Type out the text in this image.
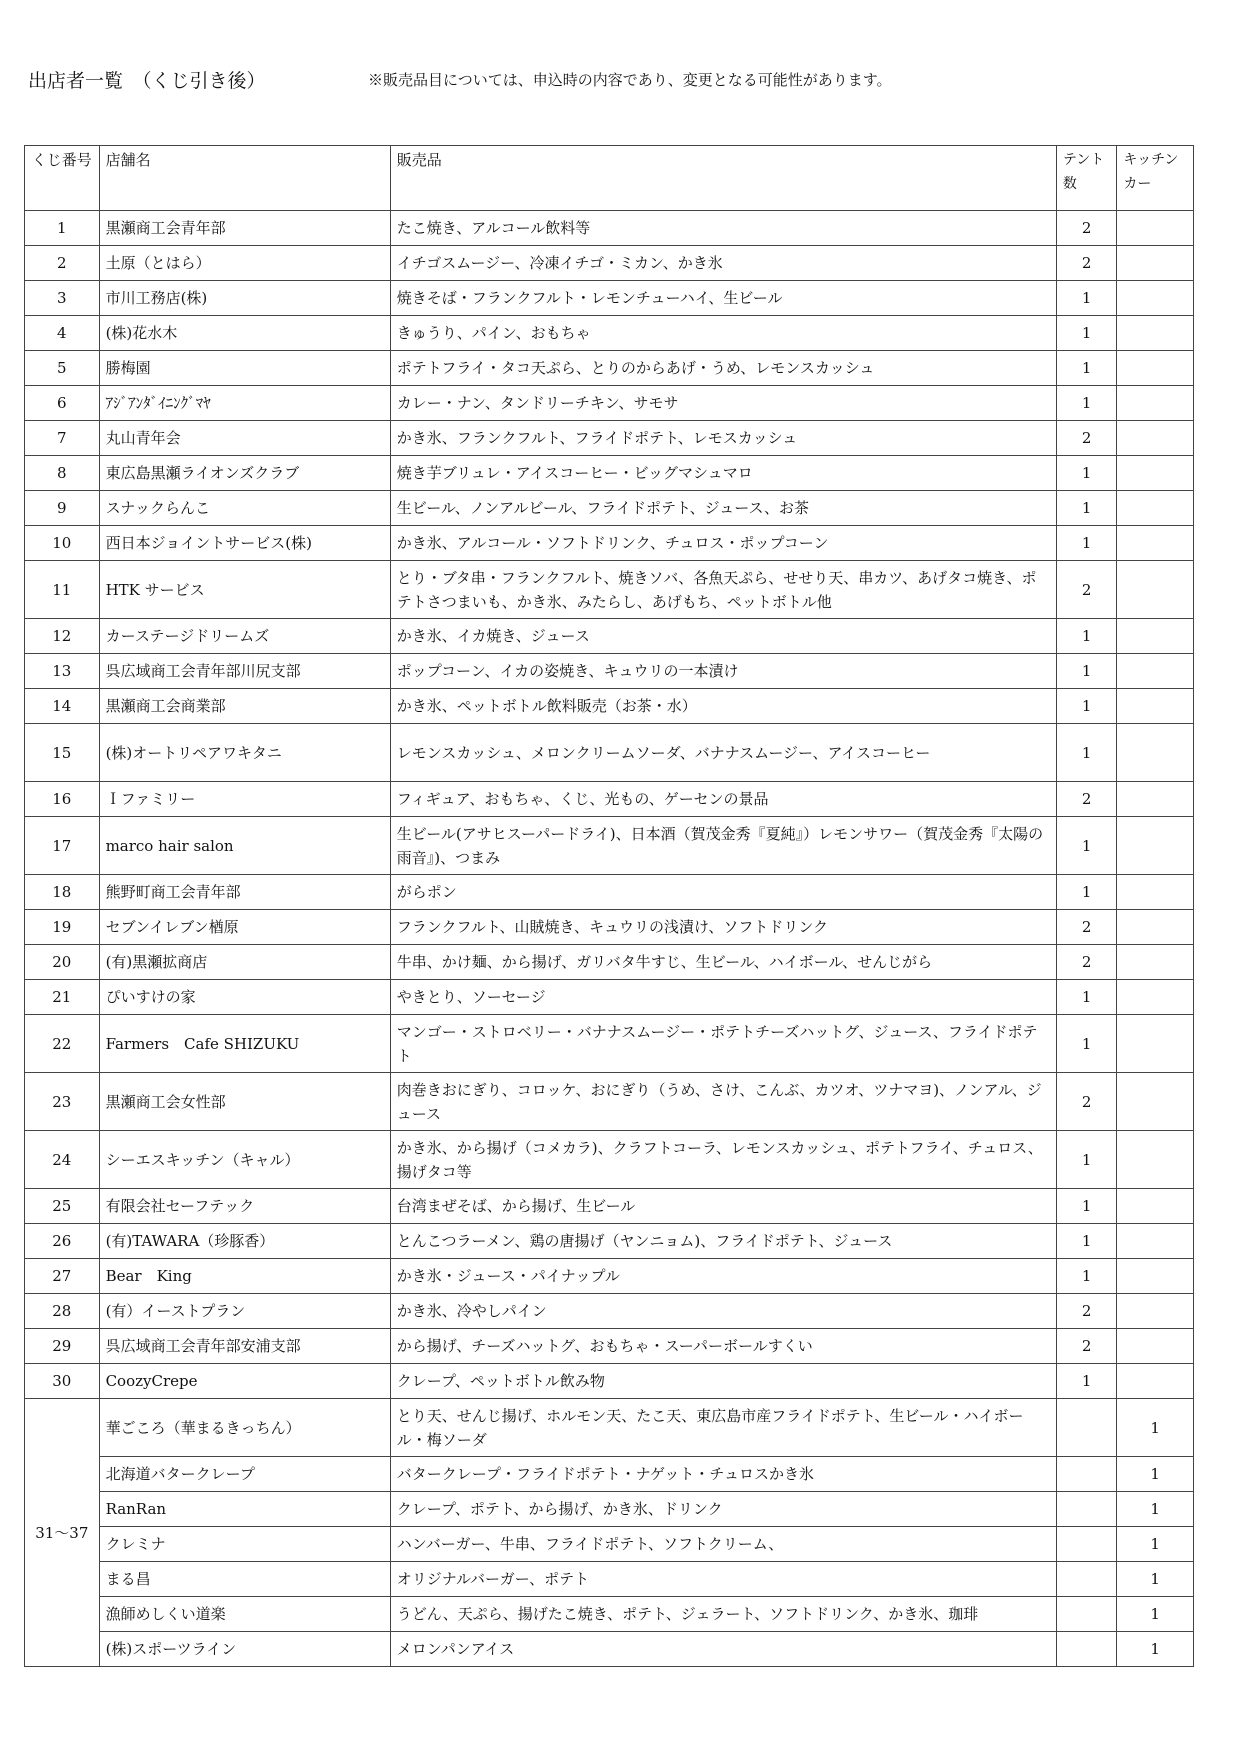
出店者一覧　（くじ引き後）	※販売品目については、申込時の内容であり、変更となる可能性があります。
くじ番号	店舗名	販売品	テント数	キッチンカー
1	黒瀬商工会青年部	たこ焼き、アルコール飲料等	2	
2	土原（とはら）	イチゴスムージー、冷凍イチゴ・ミカン、かき氷	2	
3	市川工務店(株)	焼きそば・フランクフルト・レモンチューハイ、生ビール	1	
4	(株)花水木	きゅうり、パイン、おもちゃ	1	
5	勝梅園	ポテトフライ・タコ天ぷら、とりのからあげ・うめ、レモンスカッシュ	1	
6	ｱｼﾞｱﾝﾀﾞｲﾆﾝｸﾞﾏﾔ	カレー・ナン、タンドリーチキン、サモサ	1	
7	丸山青年会	かき氷、フランクフルト、フライドポテト、レモスカッシュ	2	
8	東広島黒瀬ライオンズクラブ	焼き芋ブリュレ・アイスコーヒー・ビッグマシュマロ	1	
9	スナックらんこ	生ビール、ノンアルビール、フライドポテト、ジュース、お茶	1	
10	西日本ジョイントサービス(株)	かき氷、アルコール・ソフトドリンク、チュロス・ポップコーン	1	
11	HTK サービス	とり・ブタ串・フランクフルト、焼きソバ、各魚天ぷら、せせり天、串カツ、あげタコ焼き、ポテトさつまいも、かき氷、みたらし、あげもち、ペットボトル他	2	
12	カーステージドリームズ	かき氷、イカ焼き、ジュース	1	
13	呉広域商工会青年部川尻支部	ポップコーン、イカの姿焼き、キュウリの一本漬け	1	
14	黒瀬商工会商業部	かき氷、ペットボトル飲料販売（お茶・水）	1	
15	(株)オートリペアワキタニ	レモンスカッシュ、メロンクリームソーダ、バナナスムージー、アイスコーヒー	1	
16	Ｉファミリー	フィギュア、おもちゃ、くじ、光もの、ゲーセンの景品	2	
17	marco hair salon	生ビール(アサヒスーパードライ)、日本酒（賀茂金秀『夏純』）レモンサワー（賀茂金秀『太陽の雨音』)、つまみ	1	
18	熊野町商工会青年部	がらポン	1	
19	セブンイレブン楢原	フランクフルト、山賊焼き、キュウリの浅漬け、ソフトドリンク	2	
20	(有)黒瀬拡商店	牛串、かけ麺、から揚げ、ガリバタ牛すじ、生ビール、ハイボール、せんじがら	2	
21	ぴいすけの家	やきとり、ソーセージ	1	
22	Farmers　Cafe SHIZUKU	マンゴー・ストロベリー・バナナスムージー・ポテトチーズハットグ、ジュース、フライドポテト	1	
23	黒瀬商工会女性部	肉巻きおにぎり、コロッケ、おにぎり（うめ、さけ、こんぶ、カツオ、ツナマヨ)、ノンアル、ジュース	2	
24	シーエスキッチン（キャル）	かき氷、から揚げ（コメカラ)、クラフトコーラ、レモンスカッシュ、ポテトフライ、チュロス、揚げタコ等	1	
25	有限会社セーフテック	台湾まぜそば、から揚げ、生ビール	1	
26	(有)TAWARA（珍豚香）	とんこつラーメン、鶏の唐揚げ（ヤンニョム)、フライドポテト、ジュース	1	
27	Bear　King	かき氷・ジュース・パイナップル	1	
28	(有）イーストプラン	かき氷、冷やしパイン	2	
29	呉広域商工会青年部安浦支部	から揚げ、チーズハットグ、おもちゃ・スーパーボールすくい	2	
30	CoozyCrepe	クレープ、ペットボトル飲み物	1	
31～37	華ごころ（華まるきっちん）	とり天、せんじ揚げ、ホルモン天、たこ天、東広島市産フライドポテト、生ビール・ハイボール・梅ソーダ		1
	北海道バタークレープ	バタークレープ・フライドポテト・ナゲット・チュロスかき氷		1
	RanRan	クレープ、ポテト、から揚げ、かき氷、ドリンク		1
	クレミナ	ハンバーガー、牛串、フライドポテト、ソフトクリーム、		1
	まる昌	オリジナルバーガー、ポテト		1
	漁師めしくい道楽	うどん、天ぷら、揚げたこ焼き、ポテト、ジェラート、ソフトドリンク、かき氷、珈琲		1
	(株)スポーツライン	メロンパンアイス		1
